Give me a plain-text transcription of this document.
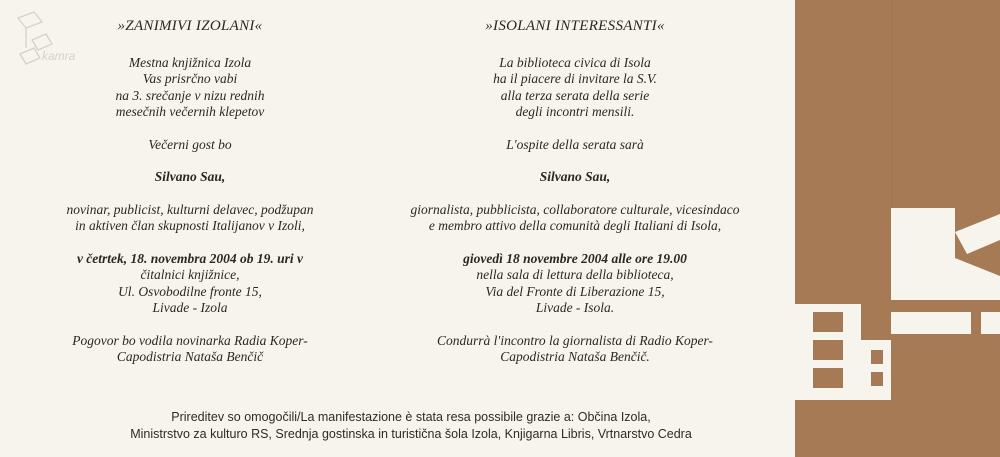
kamra
»ZANIMIVI IZOLANI«
Mestna knjižnica Izola
Vas prisrčno vabi
na 3. srečanje v nizu rednih
mesečnih večernih klepetov
Večerni gost bo
Silvano Sau,
novinar, publicist, kulturni delavec, podžupan
in aktiven član skupnosti Italijanov v Izoli,
v četrtek, 18. novembra 2004 ob 19. uri v
čitalnici knjižnice,
Ul. Osvobodilne fronte 15,
Livade - Izola
Pogovor bo vodila novinarka Radia Koper-
Capodistria Nataša Benčič
»ISOLANI INTERESSANTI«
La biblioteca civica di Isola
ha il piacere di invitare la S.V.
alla terza serata della serie
degli incontri mensili.
L'ospite della serata sarà
Silvano Sau,
giornalista, pubblicista, collaboratore culturale, vicesindaco
e membro attivo della comunità degli Italiani di Isola,
giovedì 18 novembre 2004 alle ore 19.00
nella sala di lettura della biblioteca,
Via del Fronte di Liberazione 15,
Livade - Isola.
Condurrà l'incontro la giornalista di Radio Koper-
Capodistria Nataša Benčič.
Prireditev so omogočili/La manifestazione è stata resa possibile grazie a: Občina Izola,
Ministrstvo za kulturo RS, Srednja gostinska in turistična šola Izola, Knjigarna Libris, Vrtnarstvo Cedra
